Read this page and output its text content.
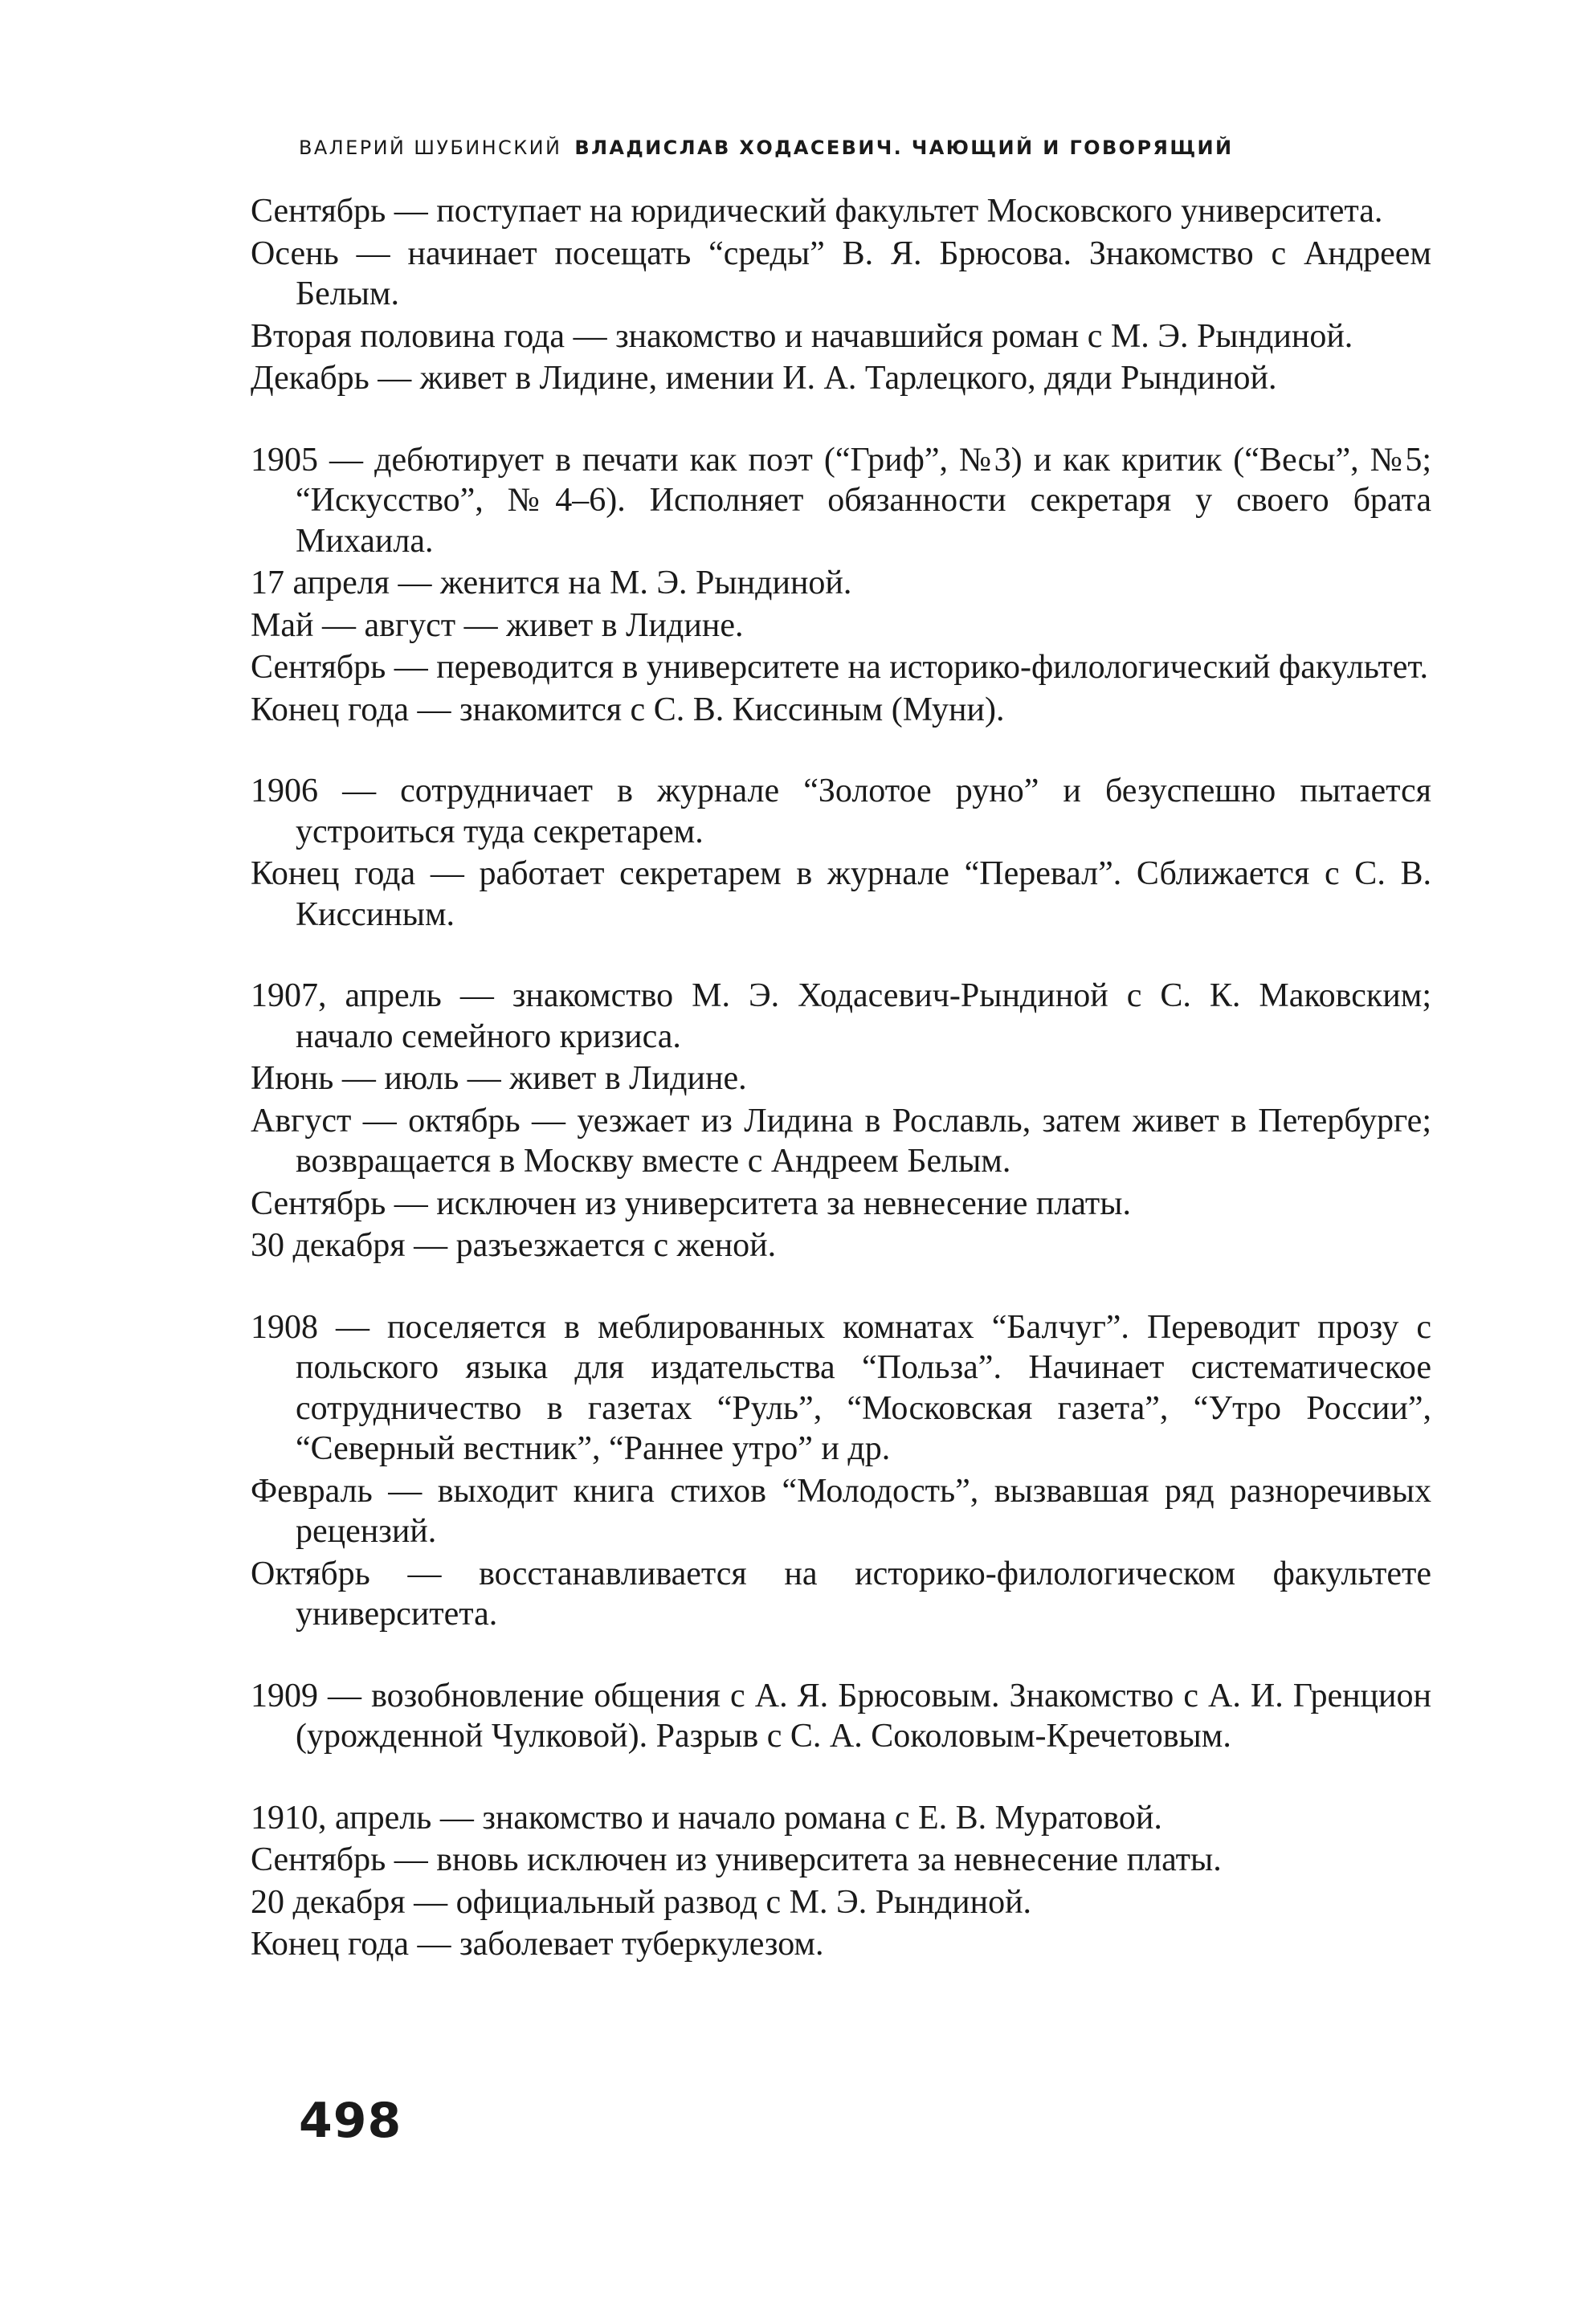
ВАЛЕРИЙ ШУБИНСКИЙ ВЛАДИСЛАВ ХОДАСЕВИЧ. ЧАЮЩИЙ И ГОВОРЯЩИЙ

Сентябрь — поступает на юридический факультет Московского университета.

Осень — начинает посещать “среды” В. Я. Брюсова. Знакомство с Андреем Белым.

Вторая половина года — знакомство и начавшийся роман с М. Э. Рындиной.

Декабрь — живет в Лидине, имении И. А. Тарлецкого, дяди Рындиной.

1905 — дебютирует в печати как поэт (“Гриф”, №3) и как критик (“Весы”, №5; “Искусство”, №4–6). Исполняет обязанности секретаря у своего брата Михаила.

17 апреля — женится на М. Э. Рындиной.

Май — август — живет в Лидине.

Сентябрь — переводится в университете на историко-филологический факультет.

Конец года — знакомится с С. В. Киссиным (Муни).

1906 — сотрудничает в журнале “Золотое руно” и безуспешно пытается устроиться туда секретарем.

Конец года — работает секретарем в журнале “Перевал”. Сближается с С. В. Киссиным.

1907, апрель — знакомство М. Э. Ходасевич-Рындиной с С. К. Маковским; начало семейного кризиса.

Июнь — июль — живет в Лидине.

Август — октябрь — уезжает из Лидина в Рославль, затем живет в Петербурге; возвращается в Москву вместе с Андреем Белым.

Сентябрь — исключен из университета за невнесение платы.

30 декабря — разъезжается с женой.

1908 — поселяется в меблированных комнатах “Балчуг”. Переводит прозу с польского языка для издательства “Польза”. Начинает систематическое сотрудничество в газетах “Руль”, “Московская газета”, “Утро России”, “Северный вестник”, “Раннее утро” и др.

Февраль — выходит книга стихов “Молодость”, вызвавшая ряд разноречивых рецензий.

Октябрь — восстанавливается на историко-филологическом факультете университета.

1909 — возобновление общения с А. Я. Брюсовым. Знакомство с А. И. Гренцион (урожденной Чулковой). Разрыв с С. А. Соколовым-Кречетовым.

1910, апрель — знакомство и начало романа с Е. В. Муратовой.

Сентябрь — вновь исключен из университета за невнесение платы.

20 декабря — официальный развод с М. Э. Рындиной.

Конец года — заболевает туберкулезом.

498
